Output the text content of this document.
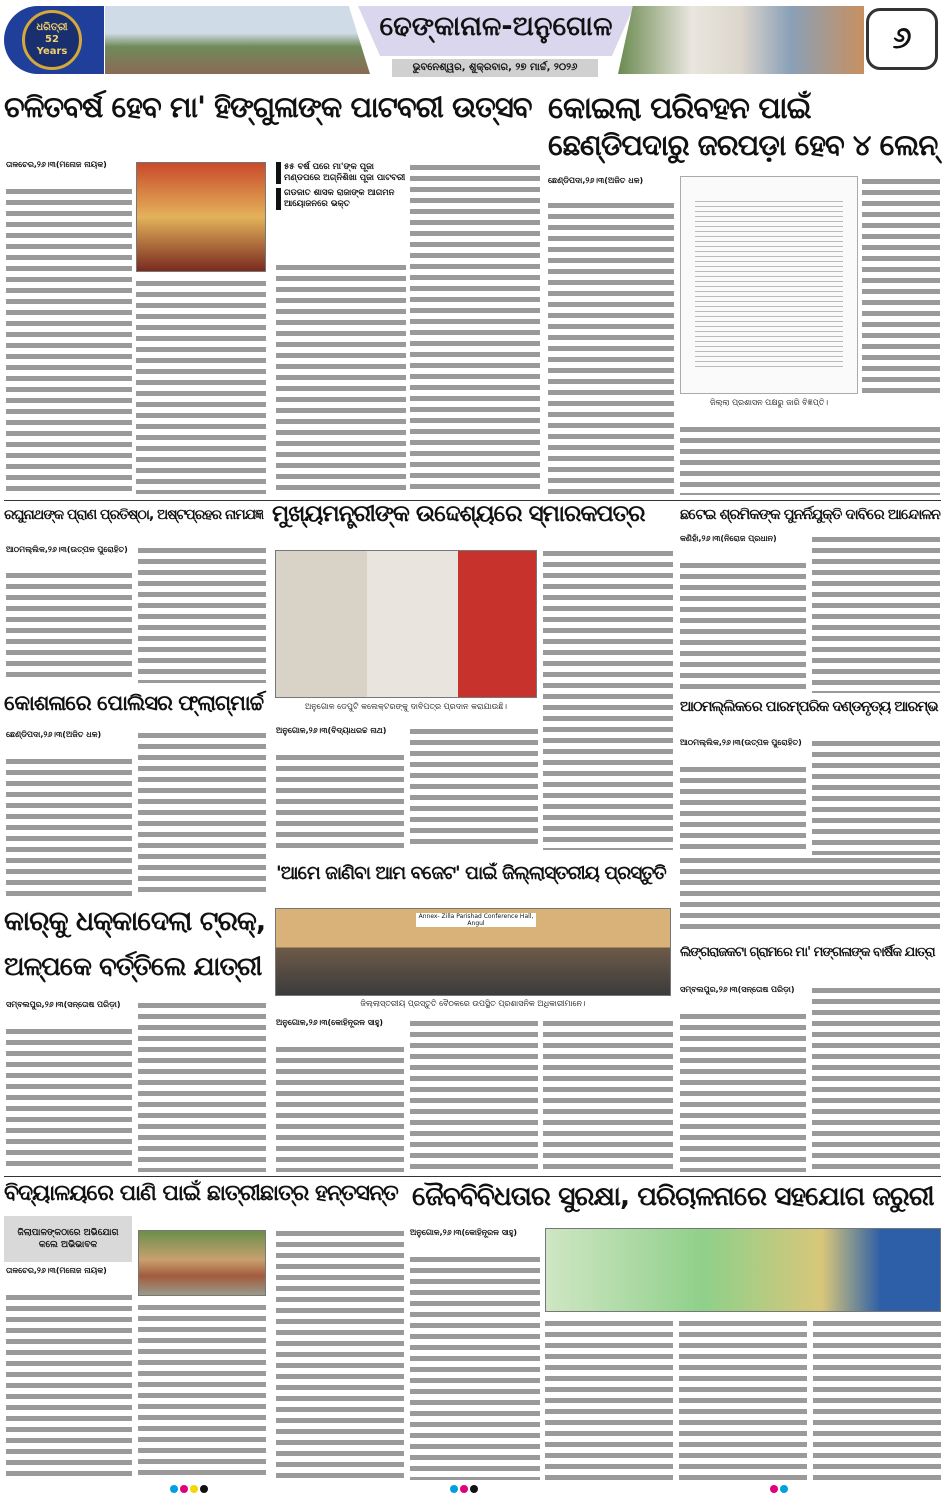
ଧରିତ୍ରୀ 52 Years
ଢେଙ୍କାନାଳ-ଅନୁଗୋଳ
ଭୁବନେଶ୍ୱର, ଶୁକ୍ରବାର, ୨୭ ମାର୍ଚ୍ଚ, ୨୦୨୬
୬
ଚଳିତବର୍ଷ ହେବ ମା' ହିଙ୍ଗୁଳାଙ୍କ ପାଟବରୀ ଉତ୍ସବ
ତାଳଚେର,୨୬।୩(ମନୋଜ ନାୟକ)	୫୫ ବର୍ଷ ପରେ ମା'ଙ୍କ ପୂଜା ମଣ୍ଡପରେ ଅଗ୍ନିଶିଖା ପୂଜା ପାଟବରୀ
ଗଡଜାତ ଶାସକ ରାଜାଙ୍କ ଆଗମନ ଆୟୋଜନରେ ଭକ୍ତ
କୋଇଲା ପରିବହନ ପାଇଁ
ଛେଣ୍ଡିପଦାରୁ ଜରପଡ଼ା ହେବ ୪ ଲେନ୍
ଛେଣ୍ଡିପଦା,୨୬।୩(ଅଜିତ ଧଳ)
ଜିଲ୍ଲା ପ୍ରଶାସନ ପକ୍ଷରୁ ଜାରି ବିଜ୍ଞପ୍ତି।
ରଘୁନାଥଙ୍କ ପ୍ରାଣ ପ୍ରତିଷ୍ଠା, ଅଷ୍ଟପ୍ରହର ନାମଯଜ୍ଞ
ଆଠମଲ୍ଲିକ,୨୬।୩(ଉତ୍ପଳ ପୁରୋହିତ)
ମୁଖ୍ୟମନ୍ତ୍ରୀଙ୍କ ଉଦ୍ଦେଶ୍ୟରେ ସ୍ମାରକପତ୍ର
ଅନୁଗୋଳ ଡେପୁଟି କଲେକ୍ଟରଙ୍କୁ ଦାବିପତ୍ର ପ୍ରଦାନ କରାଯାଉଛି।
ଅନୁଗୋଳ,୨୬।୩(ବିଦ୍ୟାଧରଚ୍ଚ ନାଥ)
ଛଟେଇ ଶ୍ରମିକଙ୍କ ପୁନର୍ନିଯୁକ୍ତି ଦାବିରେ ଆନ୍ଦୋଳନ
କଣିହାଁ,୨୬।୩(ନିରୋଜ ପ୍ରଧାନ)
କୋଶଳାରେ ପୋଲିସର ଫ୍ଲାଗ୍‌ମାର୍ଚ୍ଚ
ଛେଣ୍ଡିପଦା,୨୬।୩(ଅଜିତ ଧଳ)
ଆଠମଲ୍ଲିକରେ ପାରମ୍ପରିକ ଦଣ୍ଡନୃତ୍ୟ ଆରମ୍ଭ
ଆଠମଲ୍ଲିକ,୨୬।୩(ଉତ୍ପଳ ପୁରୋହିତ)
'ଆମେ ଜାଣିବା ଆମ ବଜେଟ' ପାଇଁ ଜିଲ୍ଲାସ୍ତରୀୟ ପ୍ରସ୍ତୁତି
Annex- Zilla Parishad Conference Hall, Angul
ଜିଲ୍ଲାସ୍ତରୀୟ ପ୍ରସ୍ତୁତି ବୈଠକରେ ଉପସ୍ଥିତ ପ୍ରଶାସନିକ ଅଧିକାରୀମାନେ।
ଅନୁଗୋଳ,୨୬।୩(କୋହିନୂରଳ ସାହୁ)
କାର୍‌କୁ ଧକ୍କାଦେଲା ଟ୍ରକ୍,
ଅଳ୍ପକେ ବର୍ତ୍ତିଲେ ଯାତ୍ରୀ
ସମ୍ବଲପୁର,୨୬।୩(ସନ୍ତୋଷ ପରିଡ଼ା)
ଲିଙ୍ଗରାଜକଟା ଗ୍ରାମରେ ମା' ମଙ୍ଗଳାଙ୍କ ବାର୍ଷିକ ଯାତ୍ରା
ସମ୍ବଲପୁର,୨୬।୩(ସନ୍ତୋଷ ପରିଡ଼ା)
ବିଦ୍ୟାଳୟରେ ପାଣି ପାଇଁ ଛାତ୍ରୀଛାତ୍ର ହନ୍ତସନ୍ତ
ଜିଲାପାଳଙ୍କଠାରେ ଅଭିଯୋଗ
କଲେ ଅଭିଭାବକ
ତାଳଚେର,୨୬।୩(ମନୋଜ ନାୟକ)
ଜୈବବିବିଧତାର ସୁରକ୍ଷା, ପରିଚାଳନାରେ ସହଯୋଗ ଜରୁରୀ
ଅନୁଗୋଳ,୨୬।୩(କୋହିନୂରଳ ସାହୁ)
